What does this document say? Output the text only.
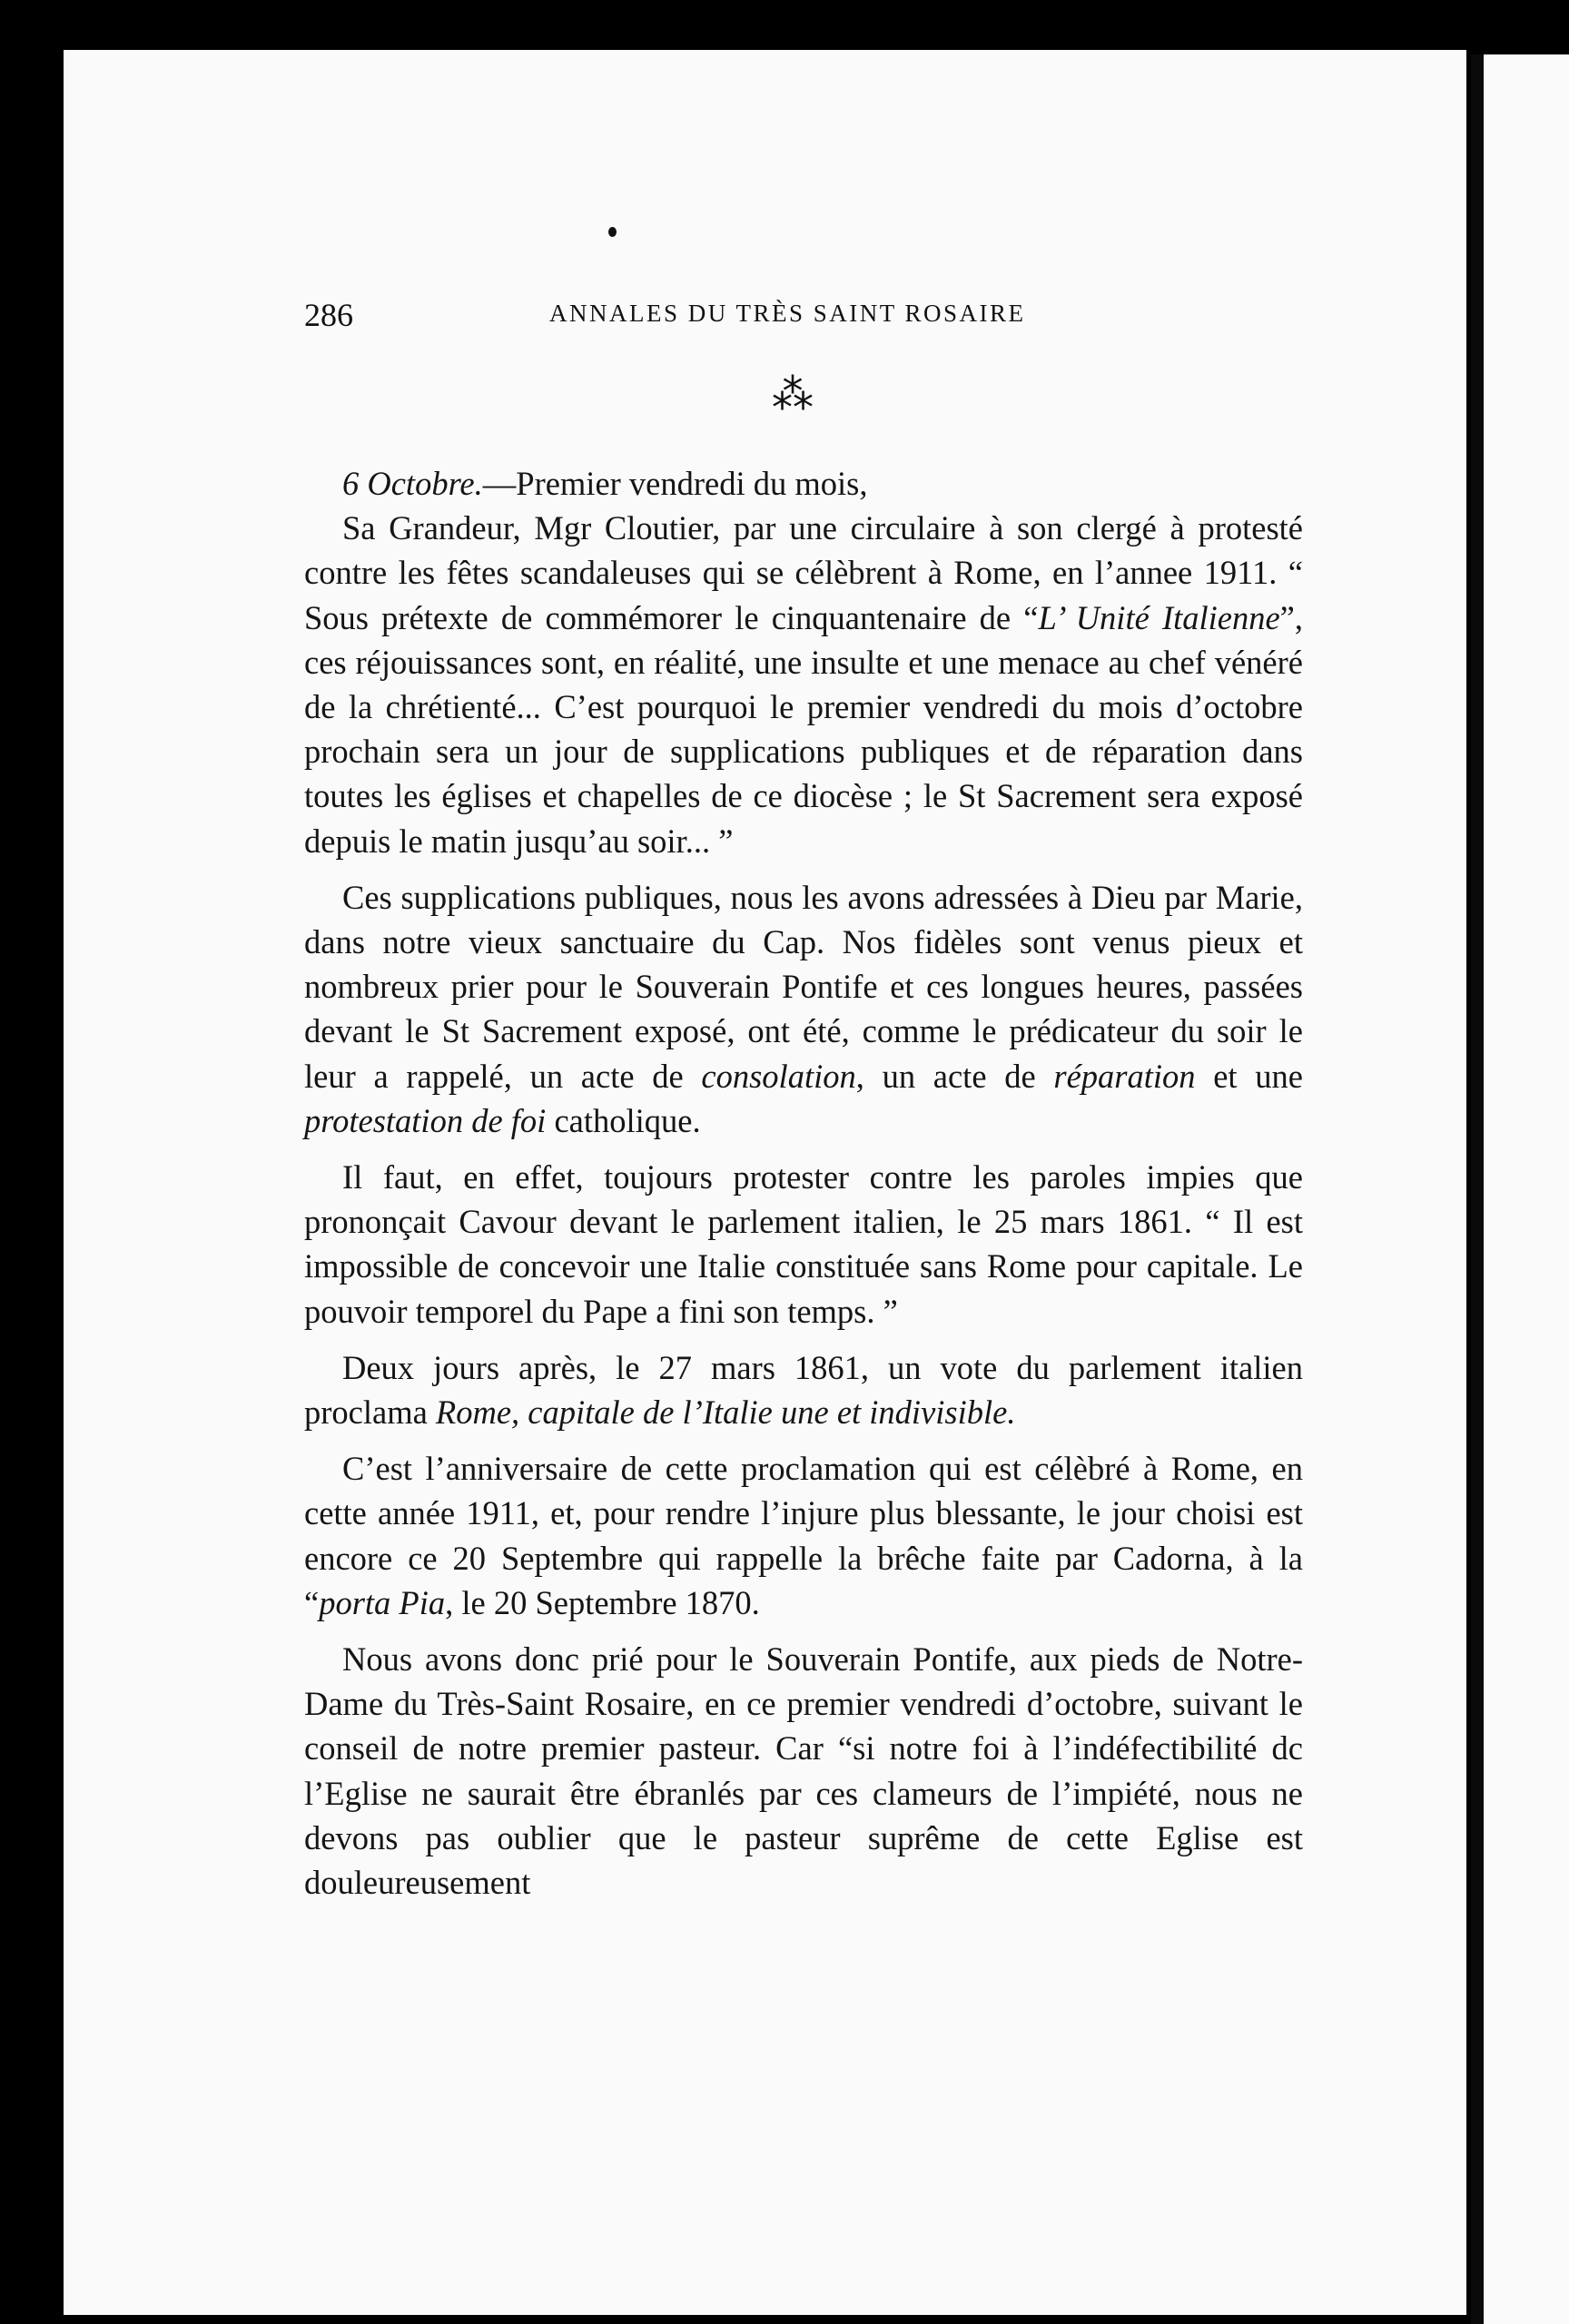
286	ANNALES DU TRÈS SAINT ROSAIRE
⁂

6 Octobre.—Premier vendredi du mois,

Sa Grandeur, Mgr Cloutier, par une circulaire à son clergé à protesté contre les fêtes scandaleuses qui se célèbrent à Rome, en l’annee 1911. “ Sous prétexte de commémorer le cinquantenaire de “L’ Unité Italienne”, ces réjouissances sont, en réalité, une insulte et une menace au chef vénéré de la chrétienté... C’est pourquoi le premier vendredi du mois d’octobre prochain sera un jour de supplications publiques et de réparation dans toutes les églises et chapelles de ce diocèse ; le St Sacrement sera exposé depuis le matin jusqu’au soir... ”

Ces supplications publiques, nous les avons adressées à Dieu par Marie, dans notre vieux sanctuaire du Cap. Nos fidèles sont venus pieux et nombreux prier pour le Souverain Pontife et ces longues heures, passées devant le St Sacrement exposé, ont été, comme le prédicateur du soir le leur a rappelé, un acte de consolation, un acte de réparation et une protestation de foi catholique.

Il faut, en effet, toujours protester contre les paroles impies que prononçait Cavour devant le parlement italien, le 25 mars 1861. “ Il est impossible de concevoir une Italie constituée sans Rome pour capitale. Le pouvoir temporel du Pape a fini son temps. ”

Deux jours après, le 27 mars 1861, un vote du parlement italien proclama Rome, capitale de l’Italie une et indivisible.

C’est l’anniversaire de cette proclamation qui est célèbré à Rome, en cette année 1911, et, pour rendre l’injure plus blessante, le jour choisi est encore ce 20 Septembre qui rappelle la brêche faite par Cadorna, à la “porta Pia, le 20 Septembre 1870.

Nous avons donc prié pour le Souverain Pontife, aux pieds de Notre-Dame du Très-Saint Rosaire, en ce premier vendredi d’octobre, suivant le conseil de notre premier pasteur. Car “si notre foi à l’indéfectibilité dc l’Eglise ne saurait être ébranlés par ces clameurs de l’impiété, nous ne devons pas oublier que le pasteur suprême de cette Eglise est douleureusement
